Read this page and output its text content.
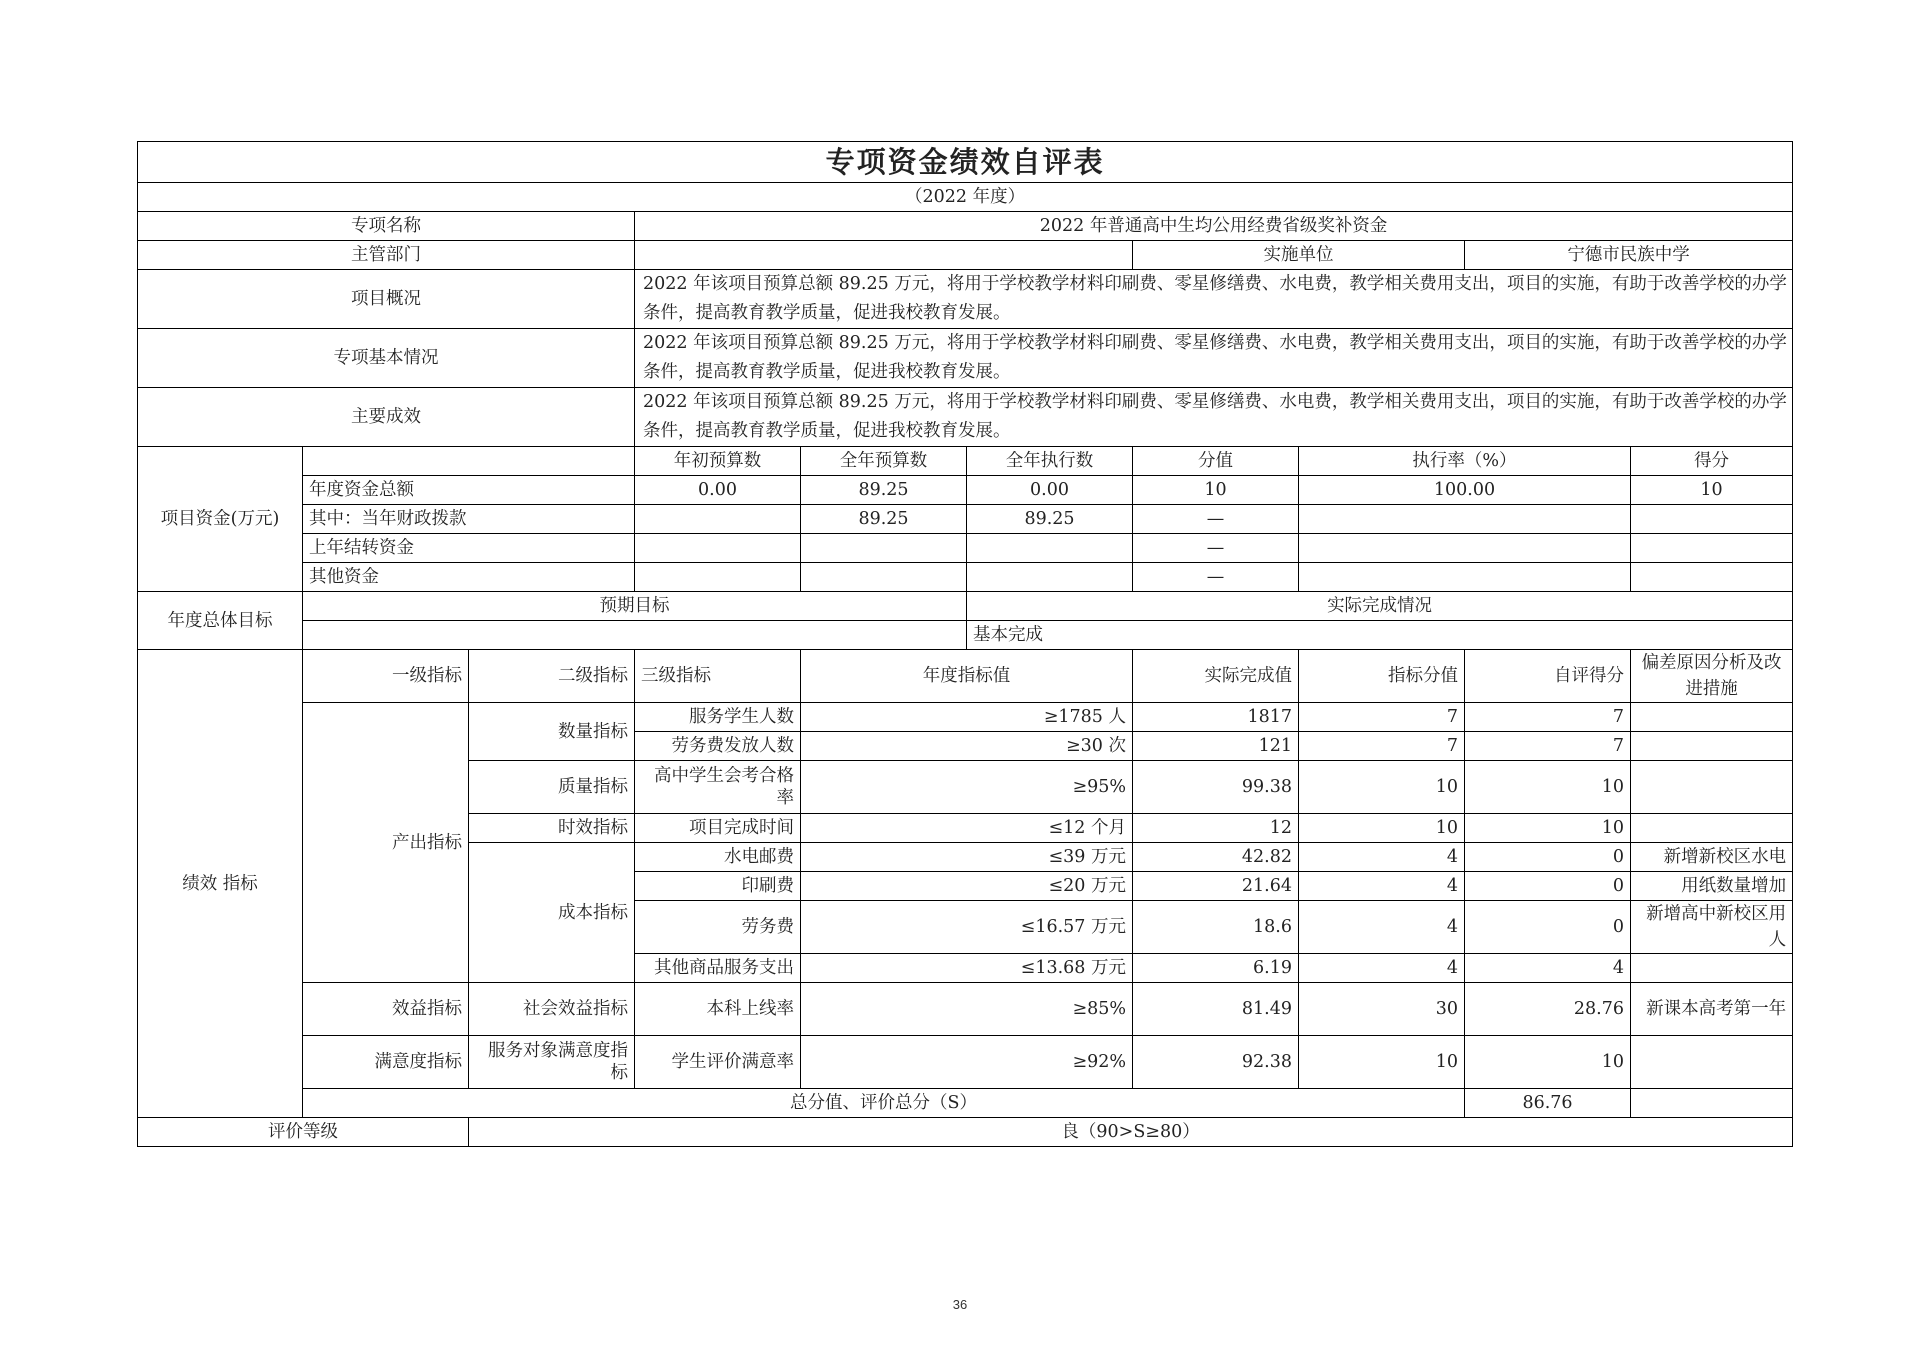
专项资金绩效自评表									
（2022 年度）									
专项名称			2022 年普通高中生均公用经费省级奖补资金						
主管部门						实施单位		宁德市民族中学	
项目概况			2022 年该项目预算总额 89.25 万元，将用于学校教学材料印刷费、零星修缮费、水电费，教学相关费用支出，项目的实施，有助于改善学校的办学条件，提高教育教学质量，促进我校教育发展。						
专项基本情况			2022 年该项目预算总额 89.25 万元，将用于学校教学材料印刷费、零星修缮费、水电费，教学相关费用支出，项目的实施，有助于改善学校的办学条件，提高教育教学质量，促进我校教育发展。						
主要成效			2022 年该项目预算总额 89.25 万元，将用于学校教学材料印刷费、零星修缮费、水电费，教学相关费用支出，项目的实施，有助于改善学校的办学条件，提高教育教学质量，促进我校教育发展。						
项目资金(万元)			年初预算数	全年预算数	全年执行数	分值	执行率（%）		得分
	年度资金总额		0.00	89.25	0.00	10	100.00		10
	其中：当年财政拨款			89.25	89.25	—			
	上年结转资金					—			
	其他资金					—			
年度总体目标	预期目标				实际完成情况				
					基本完成				
绩效 指标	一级指标	二级指标	三级指标	年度指标值		实际完成值	指标分值	自评得分	偏差原因分析及改进措施
	产出指标	数量指标	服务学生人数	≥1785 人		1817	7	7	
			劳务费发放人数	≥30 次		121	7	7	
		质量指标	高中学生会考合格率	≥95%		99.38	10	10	
		时效指标	项目完成时间	≤12 个月		12	10	10	
		成本指标	水电邮费	≤39 万元		42.82	4	0	新增新校区水电
			印刷费	≤20 万元		21.64	4	0	用纸数量增加
			劳务费	≤16.57 万元		18.6	4	0	新增高中新校区用人
			其他商品服务支出	≤13.68 万元		6.19	4	4	
	效益指标	社会效益指标	本科上线率	≥85%		81.49	30	28.76	新课本高考第一年
	满意度指标	服务对象满意度指标	学生评价满意率	≥92%		92.38	10	10	
	总分值、评价总分（S）							86.76	
评价等级		良（90>S≥80）							
36
